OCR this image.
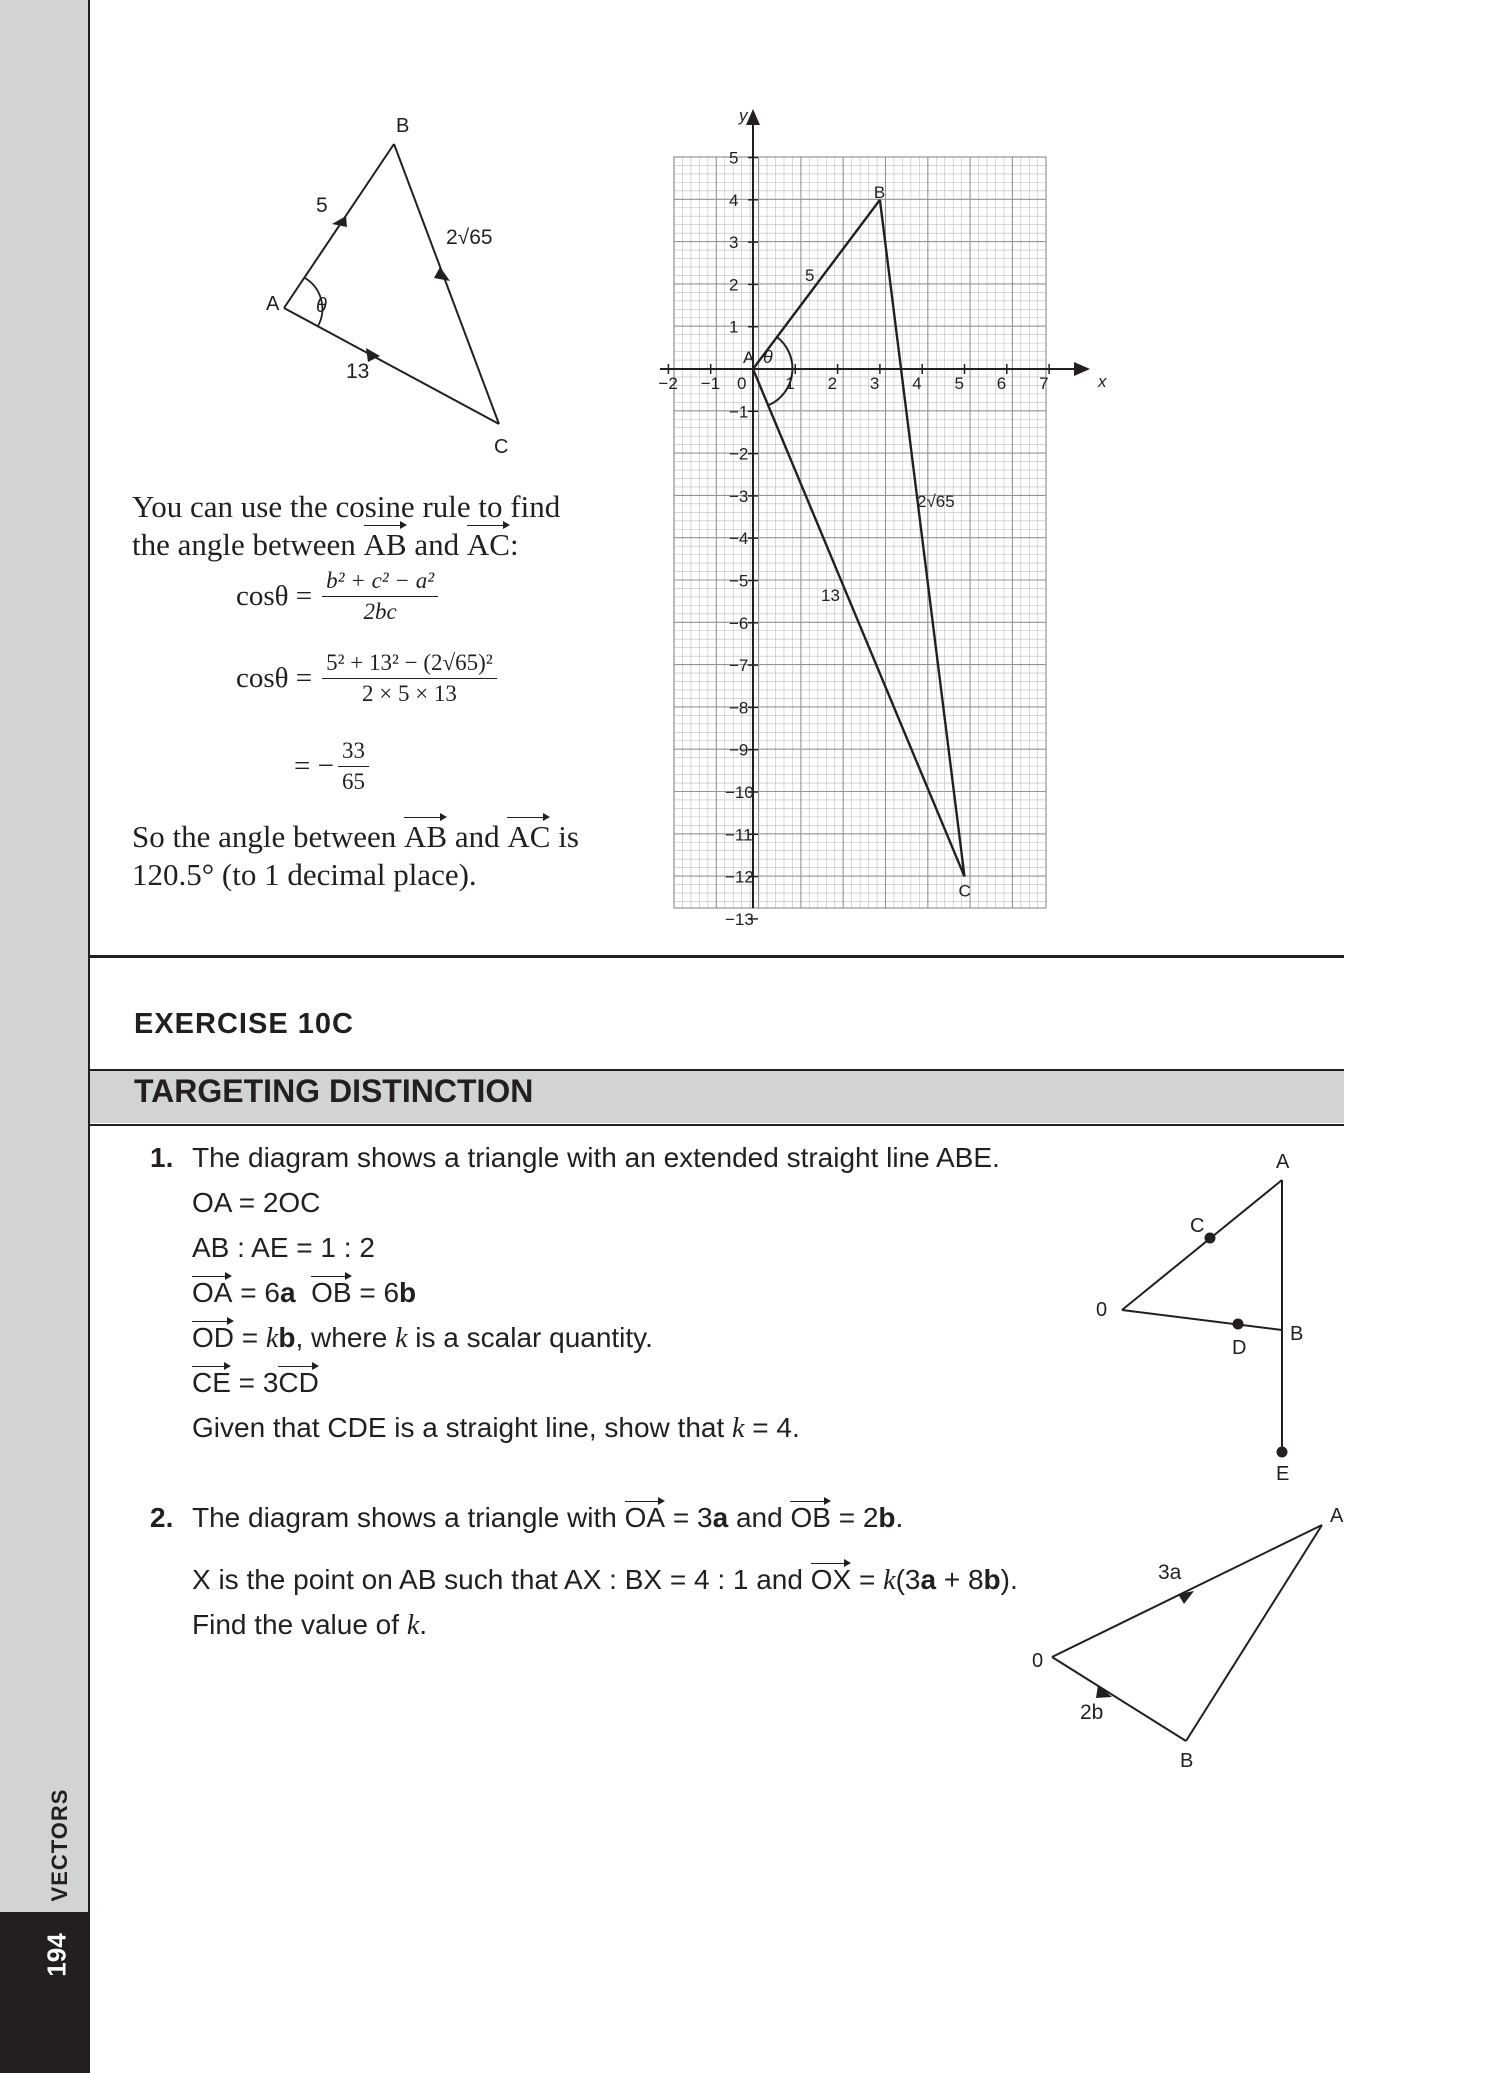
VECTORS
194
B
A
C
θ
5
2√65
13
You can use the cosine rule to find
the angle between AB and AC:
$\cos\theta = \frac{\text{b² + c² − a²}}{2bc}$
$\cos\theta = \frac{\text{5² + 13² − (2√65)²}}{2 \times 5 \times 13}$
= − $\frac{33}{65}$
So the angle between AB and AC is
120.5° (to 1 decimal place).
x
y
0
−2 −1	1 2 3 4 5 6 7
5
4
3
2
1
−1
−2
−3
−4
−5
−6
−7
−8
−9
−10
−11
−12
−13
A
B
C
θ
5
2√65
13
EXERCISE 10C
TARGETING DISTINCTION
1. The diagram shows a triangle with an extended straight line ABE.
OA = 2OC
AB : AE = 1 : 2
OA = 6a OB = 6b
OD = kb, where k is a scalar quantity.
CE = 3CD
Given that CDE is a straight line, show that k = 4.
A
C
0
D
B
E
2. The diagram shows a triangle with OA = 3a and OB = 2b.
X is the point on AB such that AX : BX = 4 : 1 and OX = k(3a + 8b).
Find the value of k.
0
A
B
3a
2b
